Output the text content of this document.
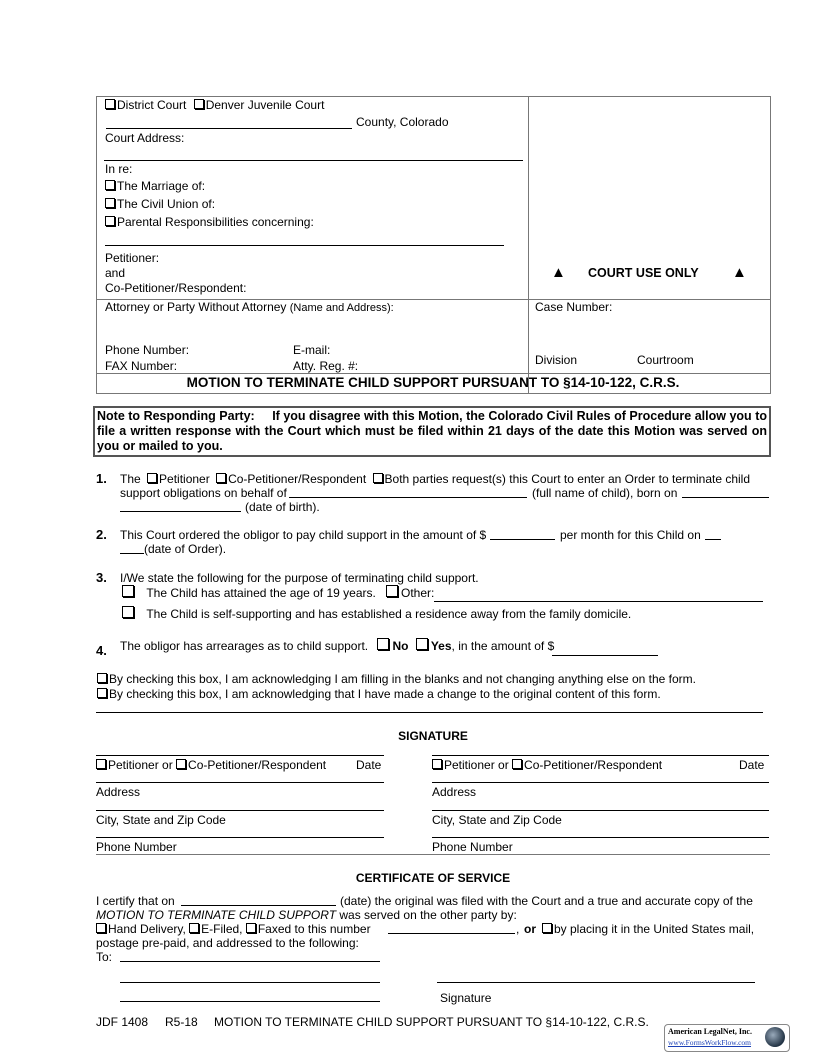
District Court Denver Juvenile Court
County, Colorado
Court Address:
In re:
The Marriage of:
The Civil Union of:
Parental Responsibilities concerning:
Petitioner:
and
Co-Petitioner/Respondent:
▲ COURT USE ONLY ▲
Attorney or Party Without Attorney (Name and Address):
Phone Number:	E-mail:
FAX Number:	Atty. Reg. #:
Case Number:
Division	Courtroom
MOTION TO TERMINATE CHILD SUPPORT PURSUANT TO §14-10-122, C.R.S.
Note to Responding Party: If you disagree with this Motion, the Colorado Civil Rules of Procedure allow you to file a written response with the Court which must be filed within 21 days of the date this Motion was served on you or mailed to you.
1. The Petitioner Co-Petitioner/Respondent Both parties request(s) this Court to enter an Order to terminate child
support obligations on behalf of	(full name of child), born on
(date of birth).
2. This Court ordered the obligor to pay child support in the amount of $	per month for this Child on
(date of Order).
3. I/We state the following for the purpose of terminating child support.
The Child has attained the age of 19 years.	Other:
The Child is self-supporting and has established a residence away from the family domicile.
4. The obligor has arrearages as to child support. No Yes, in the amount of $
By checking this box, I am acknowledging I am filling in the blanks and not changing anything else on the form.
By checking this box, I am acknowledging that I have made a change to the original content of this form.
SIGNATURE
Petitioner or Co-Petitioner/Respondent Date	Petitioner or Co-Petitioner/Respondent	Date
Address	Address
City, State and Zip Code	City, State and Zip Code
Phone Number	Phone Number
CERTIFICATE OF SERVICE
I certify that on	(date) the original was filed with the Court and a true and accurate copy of the
MOTION TO TERMINATE CHILD SUPPORT was served on the other party by:
Hand Delivery, E-Filed, Faxed to this number	, or	by placing it in the United States mail,
postage pre-paid, and addressed to the following:
To:
Signature
JDF 1408 R5-18 MOTION TO TERMINATE CHILD SUPPORT PURSUANT TO §14-10-122, C.R.S.
American LegalNet, Inc.
www.FormsWorkFlow.com
